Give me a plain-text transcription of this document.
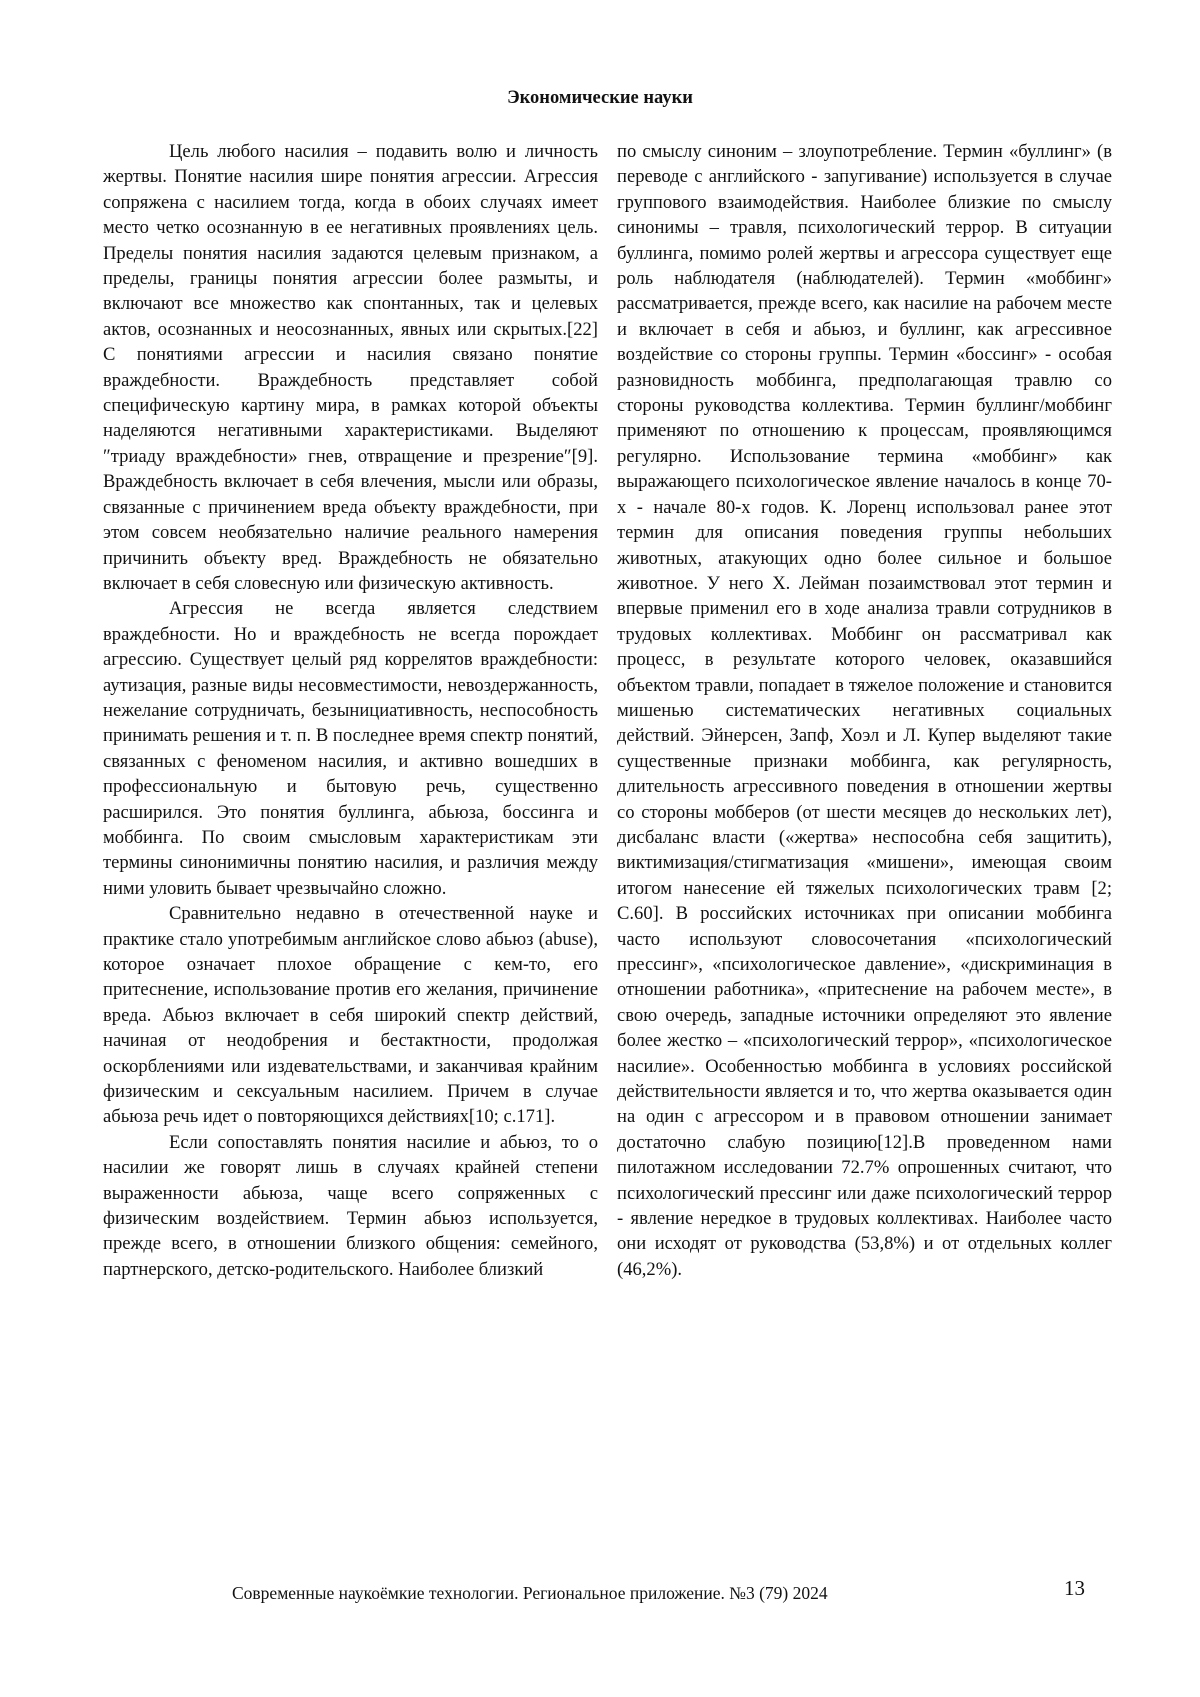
Экономические науки

Цель любого насилия – подавить волю и личность жертвы. Понятие насилия шире понятия агрессии. Агрессия сопряжена с насилием тогда, когда в обоих случаях имеет место четко осознанную в ее негативных проявлениях цель. Пределы понятия насилия задаются целевым признаком, а пределы, границы понятия агрессии более размыты, и включают все множество как спонтанных, так и целевых актов, осознанных и неосознанных, явных или скрытых.[22] С понятиями агрессии и насилия связано понятие враждебности. Враждебность представляет собой специфическую картину мира, в рамках которой объекты наделяются негативными характеристиками. Выделяют ″триаду враждебности» гнев, отвращение и презрение″[9]. Враждебность включает в себя влечения, мысли или образы, связанные с причинением вреда объекту враждебности, при этом совсем необязательно наличие реального намерения причинить объекту вред. Враждебность не обязательно включает в себя словесную или физическую активность.

Агрессия не всегда является следствием враждебности. Но и враждебность не всегда порождает агрессию. Существует целый ряд коррелятов враждебности: аутизация, разные виды несовместимости, невоздержанность, нежелание сотрудничать, безынициативность, неспособность принимать решения и т. п. В последнее время спектр понятий, связанных с феноменом насилия, и активно вошедших в профессиональную и бытовую речь, существенно расширился. Это понятия буллинга, абьюза, боссинга и моббинга. По своим смысловым характеристикам эти термины синонимичны понятию насилия, и различия между ними уловить бывает чрезвычайно сложно.

Сравнительно недавно в отечественной науке и практике стало употребимым английское слово абьюз (abuse), которое означает плохое обращение с кем-то, его притеснение, использование против его желания, причинение вреда. Абьюз включает в себя широкий спектр действий, начиная от неодобрения и бестактности, продолжая оскорблениями или издевательствами, и заканчивая крайним физическим и сексуальным насилием. Причем в случае абьюза речь идет о повторяющихся действиях[10; с.171].

Если сопоставлять понятия насилие и абьюз, то о насилии же говорят лишь в случаях крайней степени выраженности абьюза, чаще всего сопряженных с физическим воздействием. Термин абьюз используется, прежде всего, в отношении близкого общения: семейного, партнерского, детско-родительского. Наиболее близкий

по смыслу синоним – злоупотребление. Термин «буллинг» (в переводе с английского - запугивание) используется в случае группового взаимодействия. Наиболее близкие по смыслу синонимы – травля, психологический террор. В ситуации буллинга, помимо ролей жертвы и агрессора существует еще роль наблюдателя (наблюдателей). Термин «моббинг» рассматривается, прежде всего, как насилие на рабочем месте и включает в себя и абьюз, и буллинг, как агрессивное воздействие со стороны группы. Термин «боссинг» - особая разновидность моббинга, предполагающая травлю со стороны руководства коллектива. Термин буллинг/моббинг применяют по отношению к процессам, проявляющимся регулярно. Использование термина «моббинг» как выражающего психологическое явление началось в конце 70-х - начале 80-х годов. К. Лоренц использовал ранее этот термин для описания поведения группы небольших животных, атакующих одно более сильное и большое животное. У него Х. Лейман позаимствовал этот термин и впервые применил его в ходе анализа травли сотрудников в трудовых коллективах. Моббинг он рассматривал как процесс, в результате которого человек, оказавшийся объектом травли, попадает в тяжелое положение и становится мишенью систематических негативных социальных действий. Эйнерсен, Запф, Хоэл и Л. Купер выделяют такие существенные признаки моббинга, как регулярность, длительность агрессивного поведения в отношении жертвы со стороны мобберов (от шести месяцев до нескольких лет), дисбаланс власти («жертва» неспособна себя защитить), виктимизация/стигматизация «мишени», имеющая своим итогом нанесение ей тяжелых психологических травм [2; С.60]. В российских источниках при описании моббинга часто используют словосочетания «психологический прессинг», «психологическое давление», «дискриминация в отношении работника», «притеснение на рабочем месте», в свою очередь, западные источники определяют это явление более жестко – «психологический террор», «психологическое насилие». Особенностью моббинга в условиях российской действительности является и то, что жертва оказывается один на один с агрессором и в правовом отношении занимает достаточно слабую позицию[12].В проведенном нами пилотажном исследовании 72.7% опрошенных считают, что психологический прессинг или даже психологический террор - явление нередкое в трудовых коллективах. Наиболее часто они исходят от руководства (53,8%) и от отдельных коллег (46,2%).

Современные наукоёмкие технологии. Региональное приложение. №3 (79) 2024	13
